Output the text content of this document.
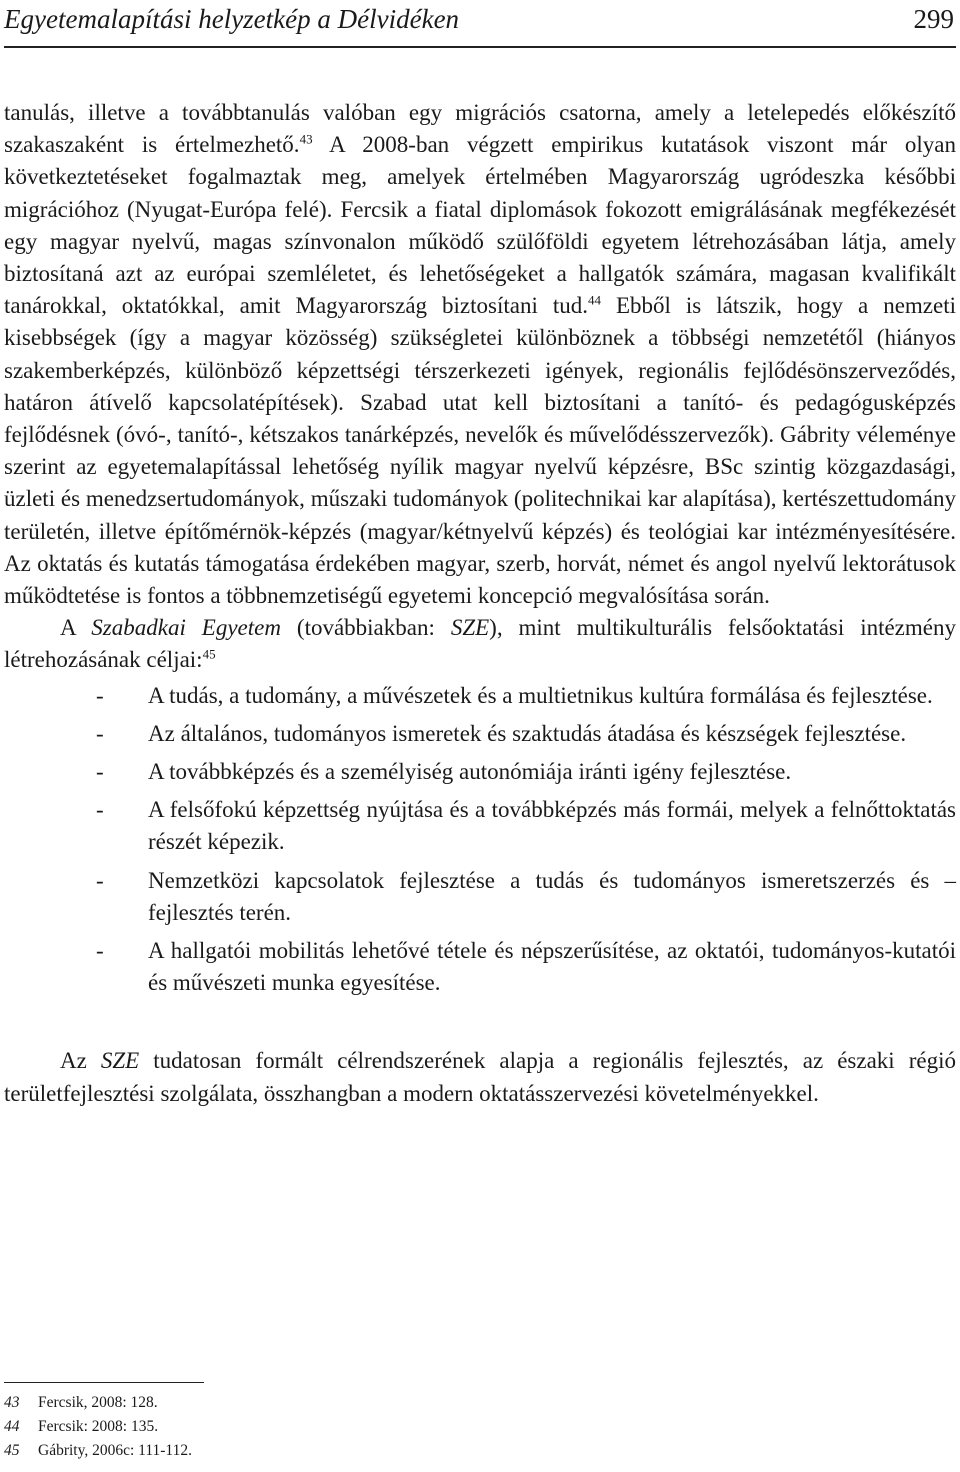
Egyetemalapítási helyzetkép a Délvidéken	299

tanulás, illetve a továbbtanulás valóban egy migrációs csatorna, amely a letelepedés előkészítő szakaszaként is értelmezhető.$^{43}$ A 2008-ban végzett empirikus kutatások viszont már olyan következtetéseket fogalmaztak meg, amelyek értelmében Magyarország ugródeszka későbbi migrációhoz (Nyugat-Európa felé). Fercsik a fiatal diplomások fokozott emigrálásának megfékezését egy magyar nyelvű, magas színvonalon működő szülőföldi egyetem létrehozásában látja, amely biztosítaná azt az európai szemléletet, és lehetőségeket a hallgatók számára, magasan kvalifikált tanárokkal, oktatókkal, amit Magyarország biztosítani tud.$^{44}$ Ebből is látszik, hogy a nemzeti kisebbségek (így a magyar közösség) szükségletei különböznek a többségi nemzetétől (hiányos szakemberképzés, különböző képzettségi térszerkezeti igények, regionális fejlődésönszerveződés, határon átívelő kapcsolatépítések). Szabad utat kell biztosítani a tanító- és pedagógusképzés fejlődésnek (óvó-, tanító-, kétszakos tanárképzés, nevelők és művelődésszervezők). Gábrity véleménye szerint az egyetemalapítással lehetőség nyílik magyar nyelvű képzésre, BSc szintig közgazdasági, üzleti és menedzsertudományok, műszaki tudományok (politechnikai kar alapítása), kertészettudomány területén, illetve építőmérnök-képzés (magyar/kétnyelvű képzés) és teológiai kar intézményesítésére. Az oktatás és kutatás támogatása érdekében magyar, szerb, horvát, német és angol nyelvű lektorátusok működtetése is fontos a többnemzetiségű egyetemi koncepció megvalósítása során.

A Szabadkai Egyetem (továbbiakban: SZE), mint multikulturális felsőoktatási intézmény létrehozásának céljai:$^{45}$

- A tudás, a tudomány, a művészetek és a multietnikus kultúra formálása és fejlesztése.
- Az általános, tudományos ismeretek és szaktudás átadása és készségek fejlesztése.
- A továbbképzés és a személyiség autonómiája iránti igény fejlesztése.
- A felsőfokú képzettség nyújtása és a továbbképzés más formái, melyek a felnőttoktatás részét képezik.
- Nemzetközi kapcsolatok fejlesztése a tudás és tudományos ismeretszerzés és –fejlesztés terén.
- A hallgatói mobilitás lehetővé tétele és népszerűsítése, az oktatói, tudományos-kutatói és művészeti munka egyesítése.

Az SZE tudatosan formált célrendszerének alapja a regionális fejlesztés, az északi régió területfejlesztési szolgálata, összhangban a modern oktatásszervezési követelményekkel.

43	Fercsik, 2008: 128.
44	Fercsik: 2008: 135.
45	Gábrity, 2006c: 111-112.
